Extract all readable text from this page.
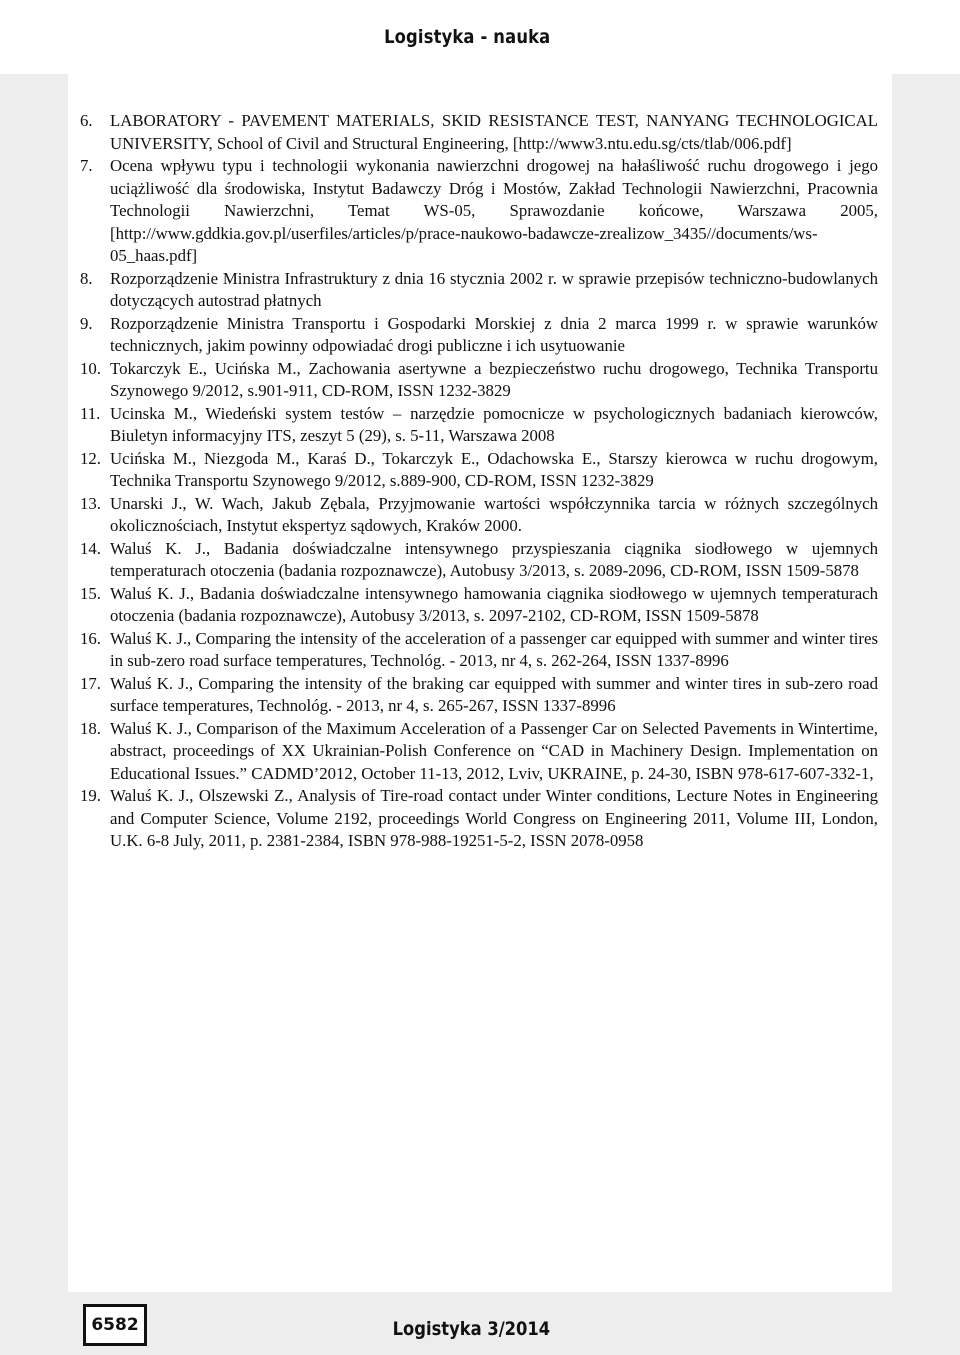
Logistyka - nauka
6. LABORATORY - PAVEMENT MATERIALS, SKID RESISTANCE TEST, NANYANG TECHNOLOGICAL UNIVERSITY, School of Civil and Structural Engineering, [http://www3.ntu.edu.sg/cts/tlab/006.pdf]
7. Ocena wpływu typu i technologii wykonania nawierzchni drogowej na hałaśliwość ruchu drogowego i jego uciążliwość dla środowiska, Instytut Badawczy Dróg i Mostów, Zakład Technologii Nawierzchni, Pracownia Technologii Nawierzchni, Temat WS-05, Sprawozdanie końcowe, Warszawa 2005, [http://www.gddkia.gov.pl/userfiles/articles/p/prace-naukowo-badawcze-zrealizow_3435//documents/ws-05_haas.pdf]
8. Rozporządzenie Ministra Infrastruktury z dnia 16 stycznia 2002 r. w sprawie przepisów techniczno-budowlanych dotyczących autostrad płatnych
9. Rozporządzenie Ministra Transportu i Gospodarki Morskiej z dnia 2 marca 1999 r. w sprawie warunków technicznych, jakim powinny odpowiadać drogi publiczne i ich usytuowanie
10. Tokarczyk E., Ucińska M., Zachowania asertywne a bezpieczeństwo ruchu drogowego, Technika Transportu Szynowego 9/2012, s.901-911, CD-ROM, ISSN 1232-3829
11. Ucinska M., Wiedeński system testów – narzędzie pomocnicze w psychologicznych badaniach kierowców, Biuletyn informacyjny ITS, zeszyt 5 (29), s. 5-11, Warszawa 2008
12. Ucińska M., Niezgoda M., Karaś D., Tokarczyk E., Odachowska E., Starszy kierowca w ruchu drogowym, Technika Transportu Szynowego 9/2012, s.889-900, CD-ROM, ISSN 1232-3829
13. Unarski J., W. Wach, Jakub Zębala, Przyjmowanie wartości współczynnika tarcia w różnych szczególnych okolicznościach, Instytut ekspertyz sądowych, Kraków 2000.
14. Waluś K. J., Badania doświadczalne intensywnego przyspieszania ciągnika siodłowego w ujemnych temperaturach otoczenia (badania rozpoznawcze), Autobusy 3/2013, s. 2089-2096, CD-ROM, ISSN 1509-5878
15. Waluś K. J., Badania doświadczalne intensywnego hamowania ciągnika siodłowego w ujemnych temperaturach otoczenia (badania rozpoznawcze), Autobusy 3/2013, s. 2097-2102, CD-ROM, ISSN 1509-5878
16. Waluś K. J., Comparing the intensity of the acceleration of a passenger car equipped with summer and winter tires in sub-zero road surface temperatures, Technológ. - 2013, nr 4, s. 262-264, ISSN 1337-8996
17. Waluś K. J., Comparing the intensity of the braking car equipped with summer and winter tires in sub-zero road surface temperatures, Technológ. - 2013, nr 4, s. 265-267, ISSN 1337-8996
18. Waluś K. J., Comparison of the Maximum Acceleration of a Passenger Car on Selected Pavements in Wintertime, abstract, proceedings of XX Ukrainian-Polish Conference on “CAD in Machinery Design. Implementation on Educational Issues.” CADMD’2012, October 11-13, 2012, Lviv, UKRAINE, p. 24-30, ISBN 978-617-607-332-1,
19. Waluś K. J., Olszewski Z., Analysis of Tire-road contact under Winter conditions, Lecture Notes in Engineering and Computer Science, Volume 2192, proceedings World Congress on Engineering 2011, Volume III, London, U.K. 6-8 July, 2011, p. 2381-2384, ISBN 978-988-19251-5-2, ISSN 2078-0958
6582	Logistyka 3/2014
